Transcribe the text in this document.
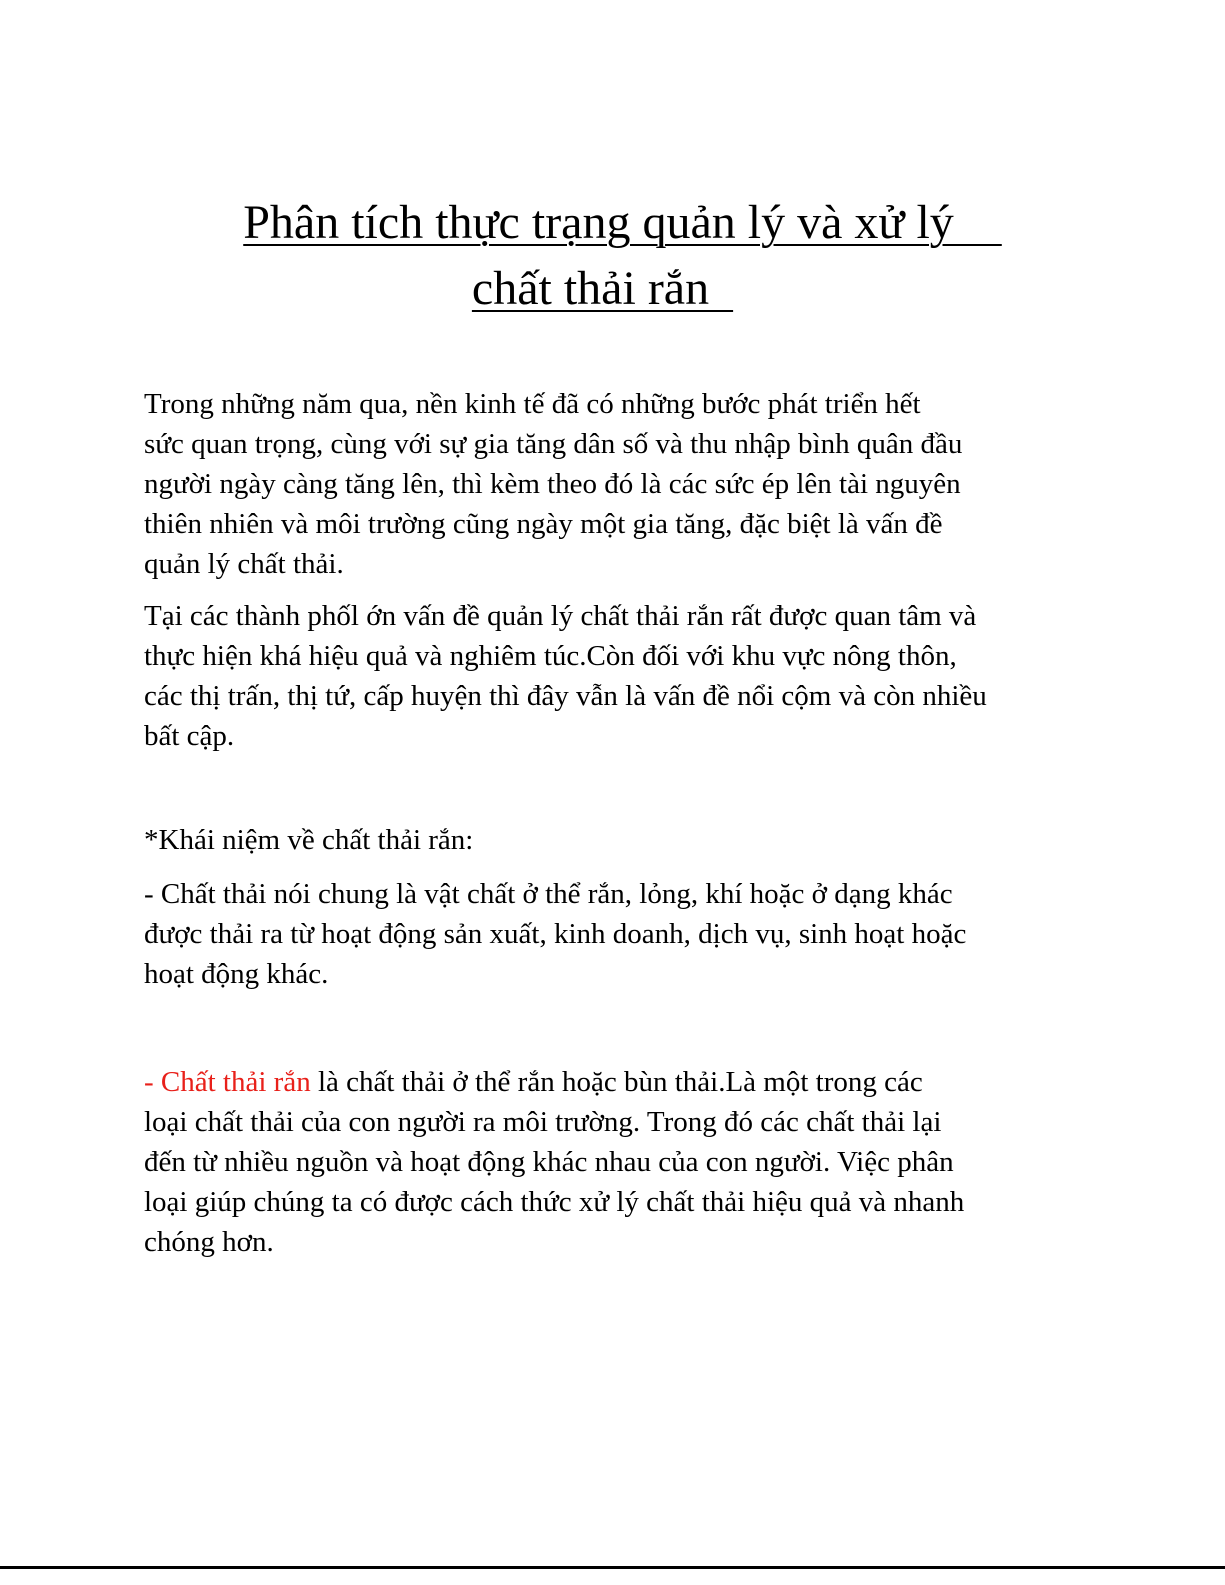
Phân tích thực trạng quản lý và xử lý
chất thải rắn
Trong những năm qua, nền kinh tế đã có những bước phát triển hết
sức quan trọng, cùng với sự gia tăng dân số và thu nhập bình quân đầu
người ngày càng tăng lên, thì kèm theo đó là các sức ép lên tài nguyên
thiên nhiên và môi trường cũng ngày một gia tăng, đặc biệt là vấn đề
quản lý chất thải.
Tại các thành phốl ớn vấn đề quản lý chất thải rắn rất được quan tâm và
thực hiện khá hiệu quả và nghiêm túc.Còn đối với khu vực nông thôn,
các thị trấn, thị tứ, cấp huyện thì đây vẫn là vấn đề nổi cộm và còn nhiều
bất cập.
*Khái niệm về chất thải rắn:
- Chất thải nói chung là vật chất ở thể rắn, lỏng, khí hoặc ở dạng khác
được thải ra từ hoạt động sản xuất, kinh doanh, dịch vụ, sinh hoạt hoặc
hoạt động khác.
- Chất thải rắn là chất thải ở thể rắn hoặc bùn thải.Là một trong các
loại chất thải của con người ra môi trường. Trong đó các chất thải lại
đến từ nhiều nguồn và hoạt động khác nhau của con người. Việc phân
loại giúp chúng ta có được cách thức xử lý chất thải hiệu quả và nhanh
chóng hơn.
